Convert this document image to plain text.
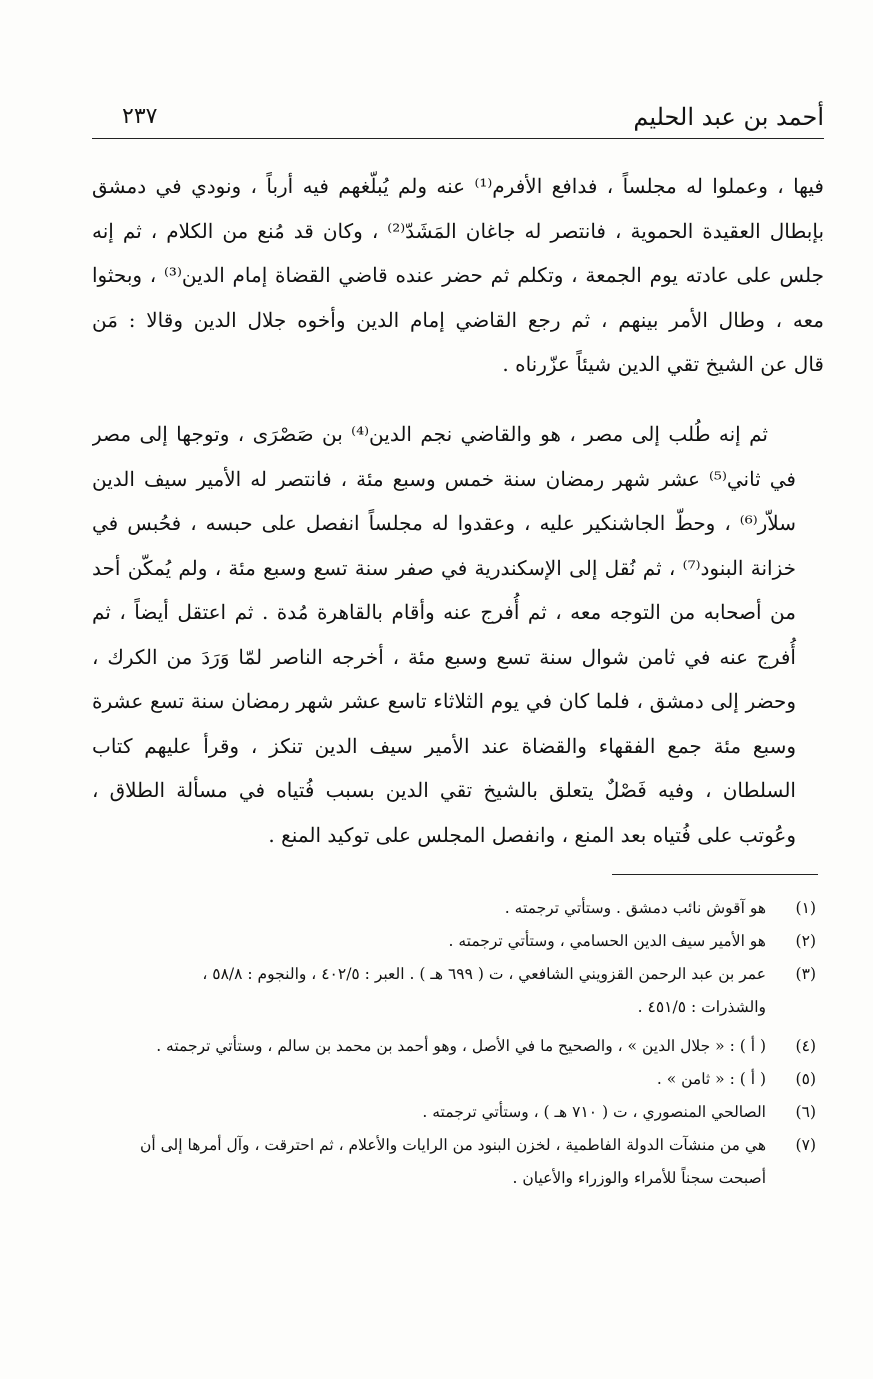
أحمد بن عبد الحليم
٢٣٧
فيها ، وعملوا له مجلساً ، فدافع الأفرم⁽¹⁾ عنه ولم يُبلّغهم فيه أرباً ، ونودي في دمشق
بإبطال العقيدة الحموية ، فانتصر له جاغان المَشَدّ⁽²⁾ ، وكان قد مُنع من الكلام ، ثم إنه
جلس على عادته يوم الجمعة ، وتكلم ثم حضر عنده قاضي القضاة إمام الدين⁽³⁾ ، وبحثوا
معه ، وطال الأمر بينهم ، ثم رجع القاضي إمام الدين وأخوه جلال الدين وقالا : مَن
قال عن الشيخ تقي الدين شيئاً عزّرناه .
ثم إنه طُلب إلى مصر ، هو والقاضي نجم الدين⁽⁴⁾ بن صَصْرَى ، وتوجها إلى مصر
في ثاني⁽⁵⁾ عشر شهر رمضان سنة خمس وسبع مئة ، فانتصر له الأمير سيف الدين
سلاّر⁽⁶⁾ ، وحطّ الجاشنكير عليه ، وعقدوا له مجلساً انفصل على حبسه ، فحُبس في
خزانة البنود⁽⁷⁾ ، ثم نُقل إلى الإسكندرية في صفر سنة تسع وسبع مئة ، ولم يُمكّن أحد
من أصحابه من التوجه معه ، ثم أُفرج عنه وأقام بالقاهرة مُدة . ثم اعتقل أيضاً ، ثم
أُفرج عنه في ثامن شوال سنة تسع وسبع مئة ، أخرجه الناصر لمّا وَرَدَ من الكرك ،
وحضر إلى دمشق ، فلما كان في يوم الثلاثاء تاسع عشر شهر رمضان سنة تسع عشرة
وسبع مئة جمع الفقهاء والقضاة عند الأمير سيف الدين تنكز ، وقرأ عليهم كتاب
السلطان ، وفيه فَصْلٌ يتعلق بالشيخ تقي الدين بسبب فُتياه في مسألة الطلاق ،
وعُوتب على فُتياه بعد المنع ، وانفصل المجلس على توكيد المنع .
(١)
هو آقوش نائب دمشق . وستأتي ترجمته .
(٢)
هو الأمير سيف الدين الحسامي ، وستأتي ترجمته .
(٣)
عمر بن عبد الرحمن القزويني الشافعي ، ت ( ٦٩٩ هـ ) . العبر : ٤٠٢/٥ ، والنجوم : ٥٨/٨ ،
والشذرات : ٤٥١/٥ .
(٤)
( أ ) : « جلال الدين » ، والصحيح ما في الأصل ، وهو أحمد بن محمد بن سالم ، وستأتي ترجمته .
(٥)
( أ ) : « ثامن » .
(٦)
الصالحي المنصوري ، ت ( ٧١٠ هـ ) ، وستأتي ترجمته .
(٧)
هي من منشآت الدولة الفاطمية ، لخزن البنود من الرايات والأعلام ، ثم احترقت ، وآل أمرها إلى أن
أصبحت سجناً للأمراء والوزراء والأعيان .
